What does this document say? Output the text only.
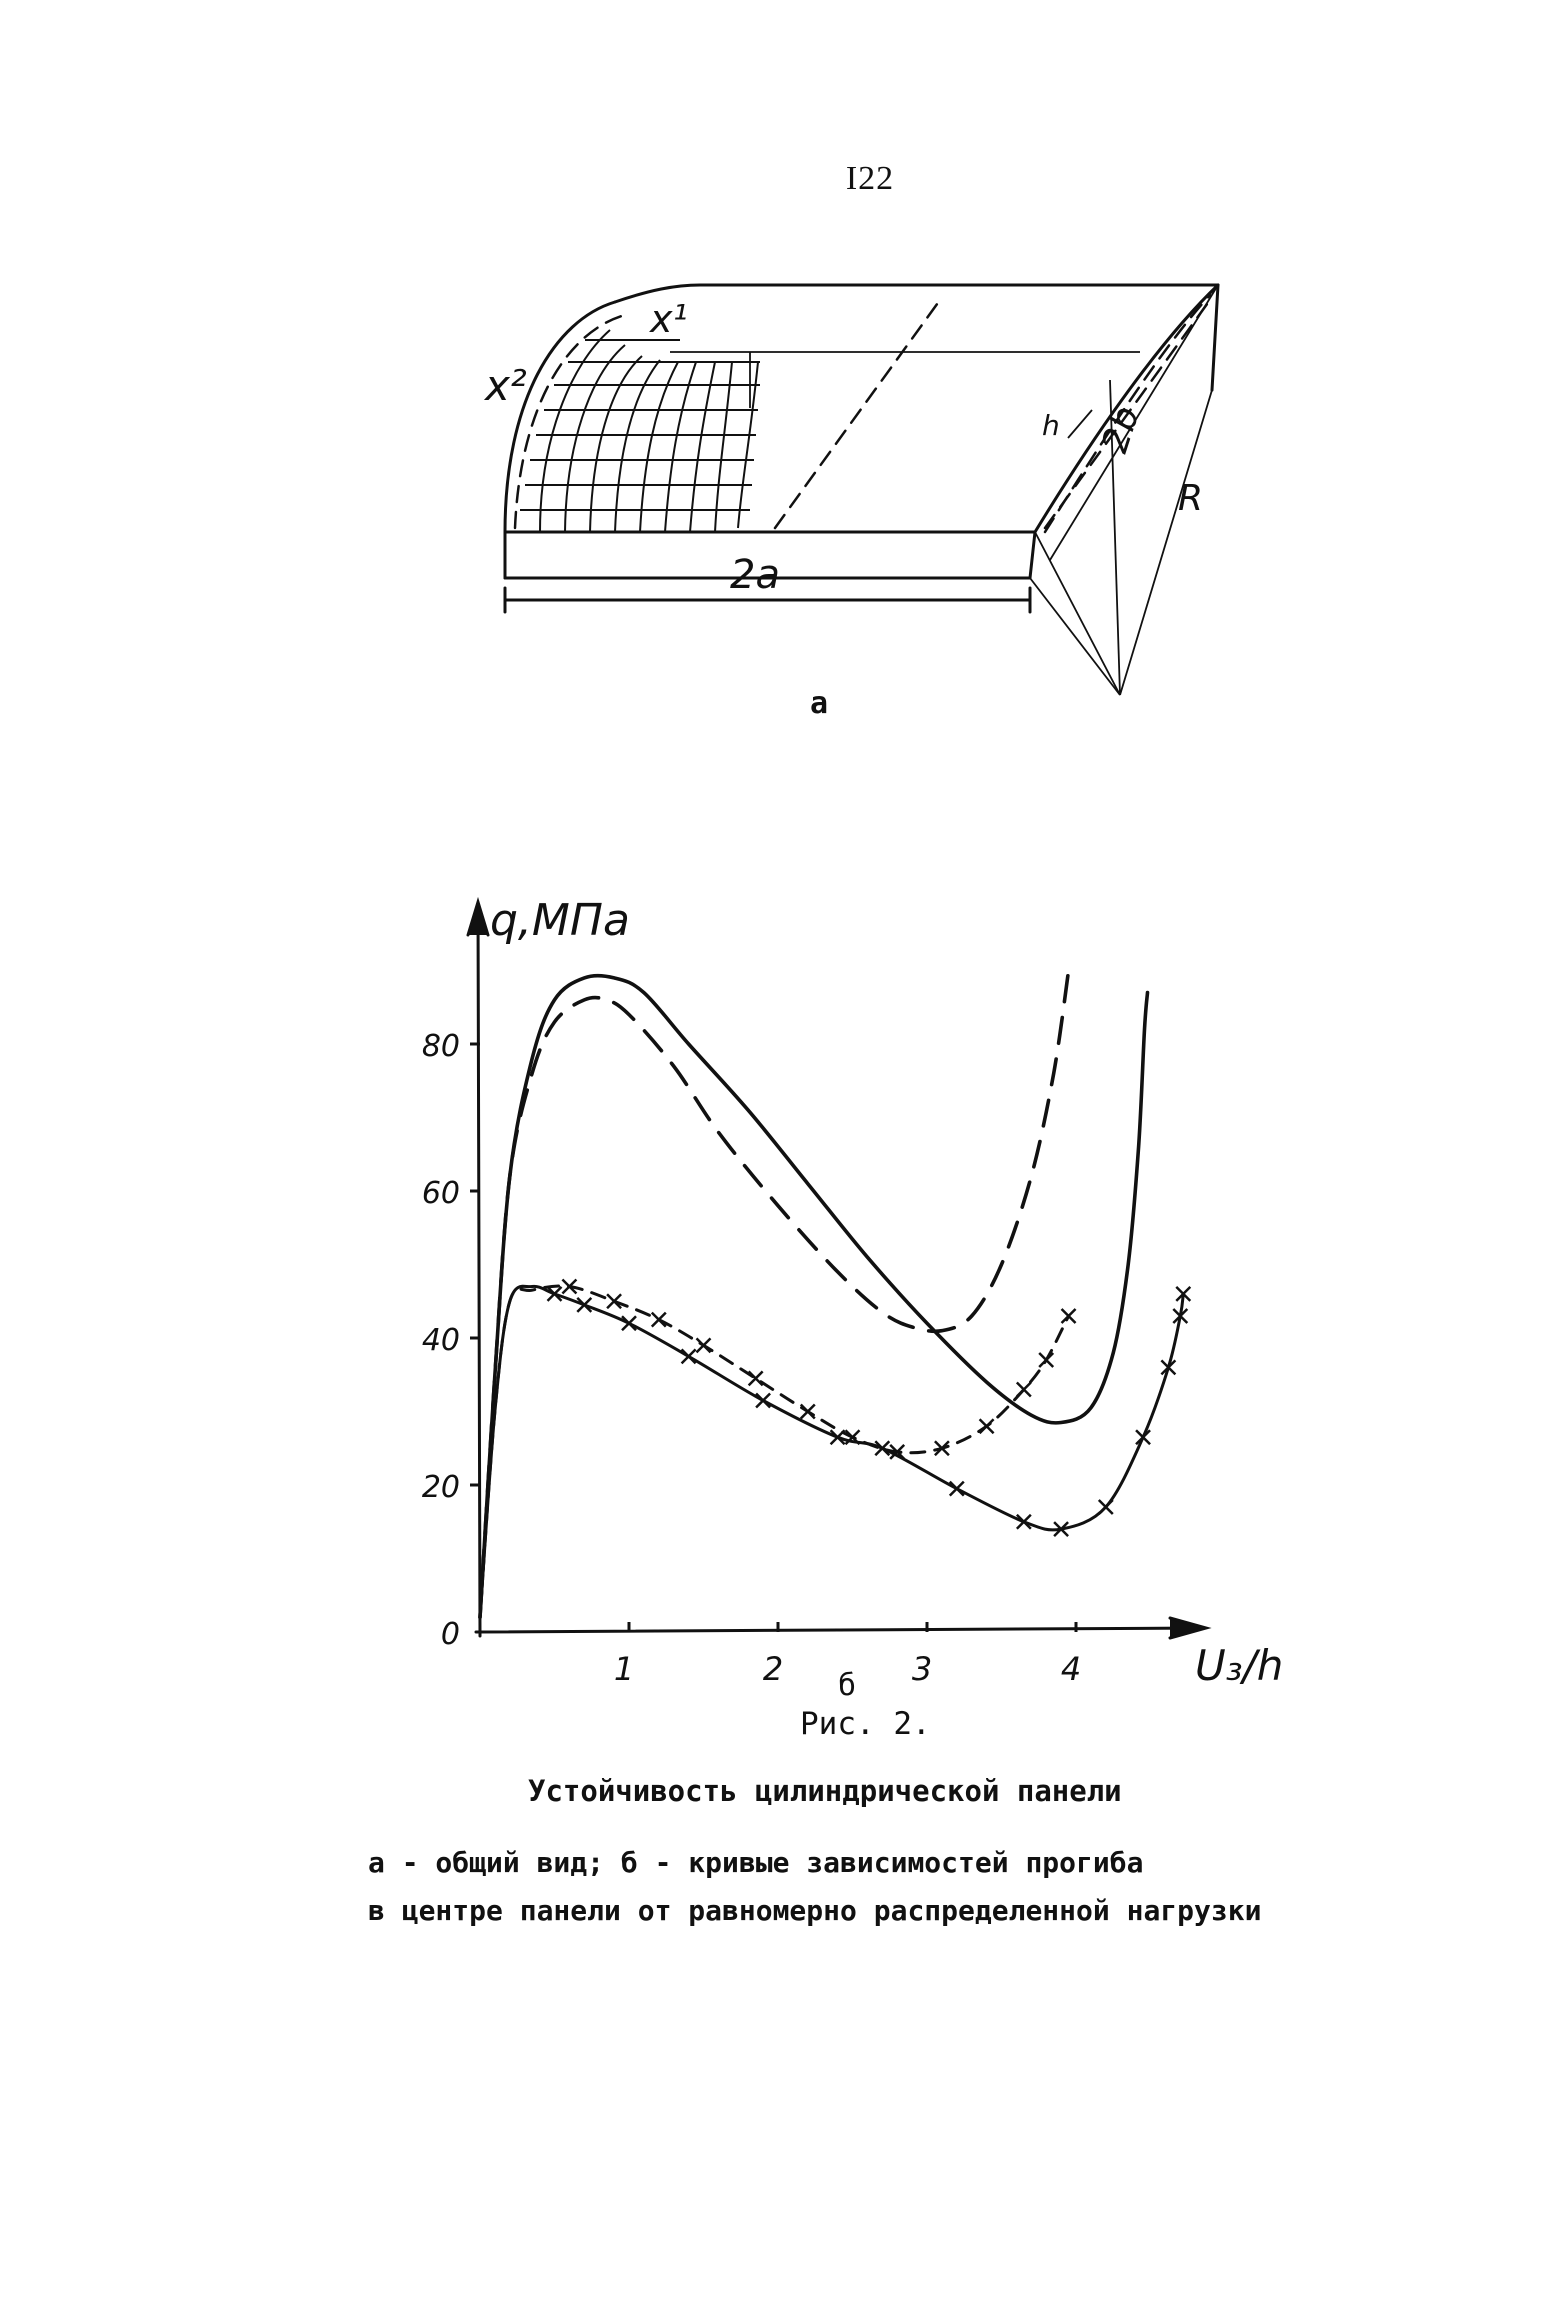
I22
x¹
x²
h 2b
R
2a
а
0
20
40
60
80
1	2	3	4
q,МПа
U₃/h
б
Рис. 2.
Устойчивость цилиндрической панели
а - общий вид; б - кривые зависимостей прогиба
в центре панели от равномерно распределенной нагрузки
